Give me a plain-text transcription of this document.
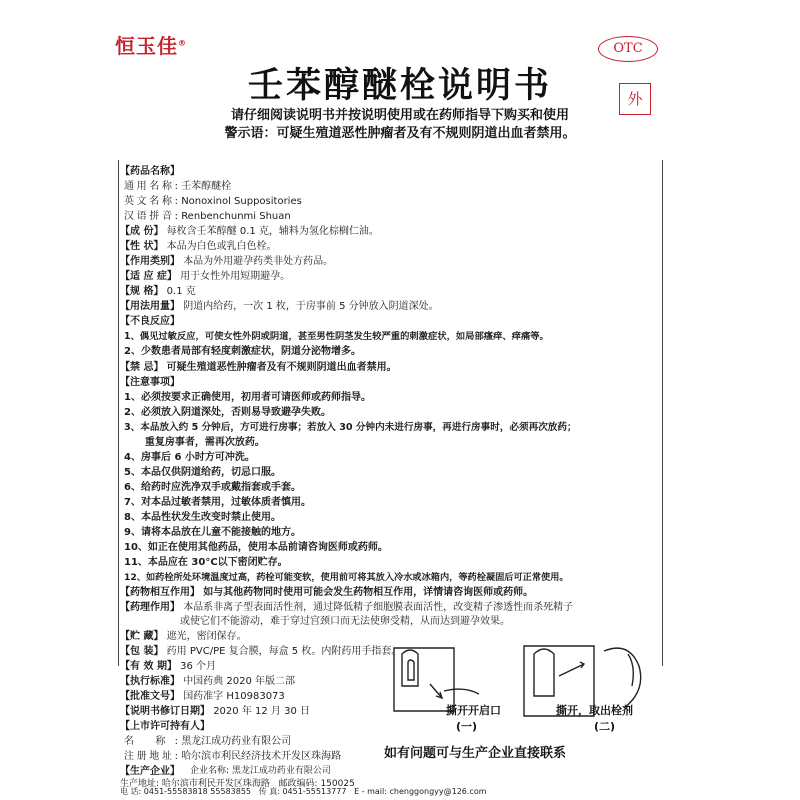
恒玉佳®	OTC
外
壬苯醇醚栓说明书
请仔细阅读说明书并按说明使用或在药师指导下购买和使用
警示语：可疑生殖道恶性肿瘤者及有不规则阴道出血者禁用。
【药品名称】
通用名称: 壬苯醇醚栓
英文名称: Nonoxinol Suppositories
汉语拼音: Renbenchunmi Shuan
【成 份】 每枚含壬苯醇醚 0.1 克，辅料为氢化棕榈仁油。
【性 状】 本品为白色或乳白色栓。
【作用类别】 本品为外用避孕药类非处方药品。
【适 应 症】 用于女性外用短期避孕。
【规 格】 0.1 克
【用法用量】 阴道内给药，一次 1 枚，于房事前 5 分钟放入阴道深处。
【不良反应】
1、偶见过敏反应，可使女性外阴或阴道，甚至男性阴茎发生较严重的刺激症状，如局部瘙痒、痒痛等。
2、少数患者局部有轻度刺激症状，阴道分泌物增多。
【禁 忌】 可疑生殖道恶性肿瘤者及有不规则阴道出血者禁用。
【注意事项】
1、必须按要求正确使用，初用者可请医师或药师指导。
2、必须放入阴道深处，否则易导致避孕失败。
3、本品放入约 5 分钟后，方可进行房事；若放入 30 分钟内未进行房事，再进行房事时，必须再次放药；
重复房事者，需再次放药。
4、房事后 6 小时方可冲洗。
5、本品仅供阴道给药，切忌口服。
6、给药时应洗净双手或戴指套或手套。
7、对本品过敏者禁用，过敏体质者慎用。
8、本品性状发生改变时禁止使用。
9、请将本品放在儿童不能接触的地方。
10、如正在使用其他药品，使用本品前请咨询医师或药师。
11、本品应在 30°C以下密闭贮存。
12、如药栓所处环境温度过高，药栓可能变软，使用前可将其放入冷水或冰箱内，等药栓凝固后可正常使用。
【药物相互作用】 如与其他药物同时使用可能会发生药物相互作用，详情请咨询医师或药师。
【药理作用】 本品系非离子型表面活性剂，通过降低精子细胞膜表面活性，改变精子渗透性而杀死精子
或使它们不能游动，难于穿过宫颈口而无法使卵受精，从而达到避孕效果。
【贮 藏】 遮光，密闭保存。
【包 装】 药用 PVC/PE 复合膜，每盒 5 枚。内附药用手指套。
【有 效 期】 36 个月
【执行标准】 中国药典 2020 年版二部
【批准文号】 国药准字 H10983073
【说明书修订日期】 2020 年 12 月 30 日
【上市许可持有人】
名 称: 黑龙江成功药业有限公司
注册地址: 哈尔滨市利民经济技术开发区珠海路
撕开开启口
(一)
撕开，取出栓剂
(二)
【生产企业】 企业名称: 黑龙江成功药业有限公司
生产地址: 哈尔滨市利民开发区珠海路 邮政编码: 150025
电 话: 0451-55583818 55583855 传 真: 0451-55513777 E - mail: chenggongyy@126.com
如有问题可与生产企业直接联系
